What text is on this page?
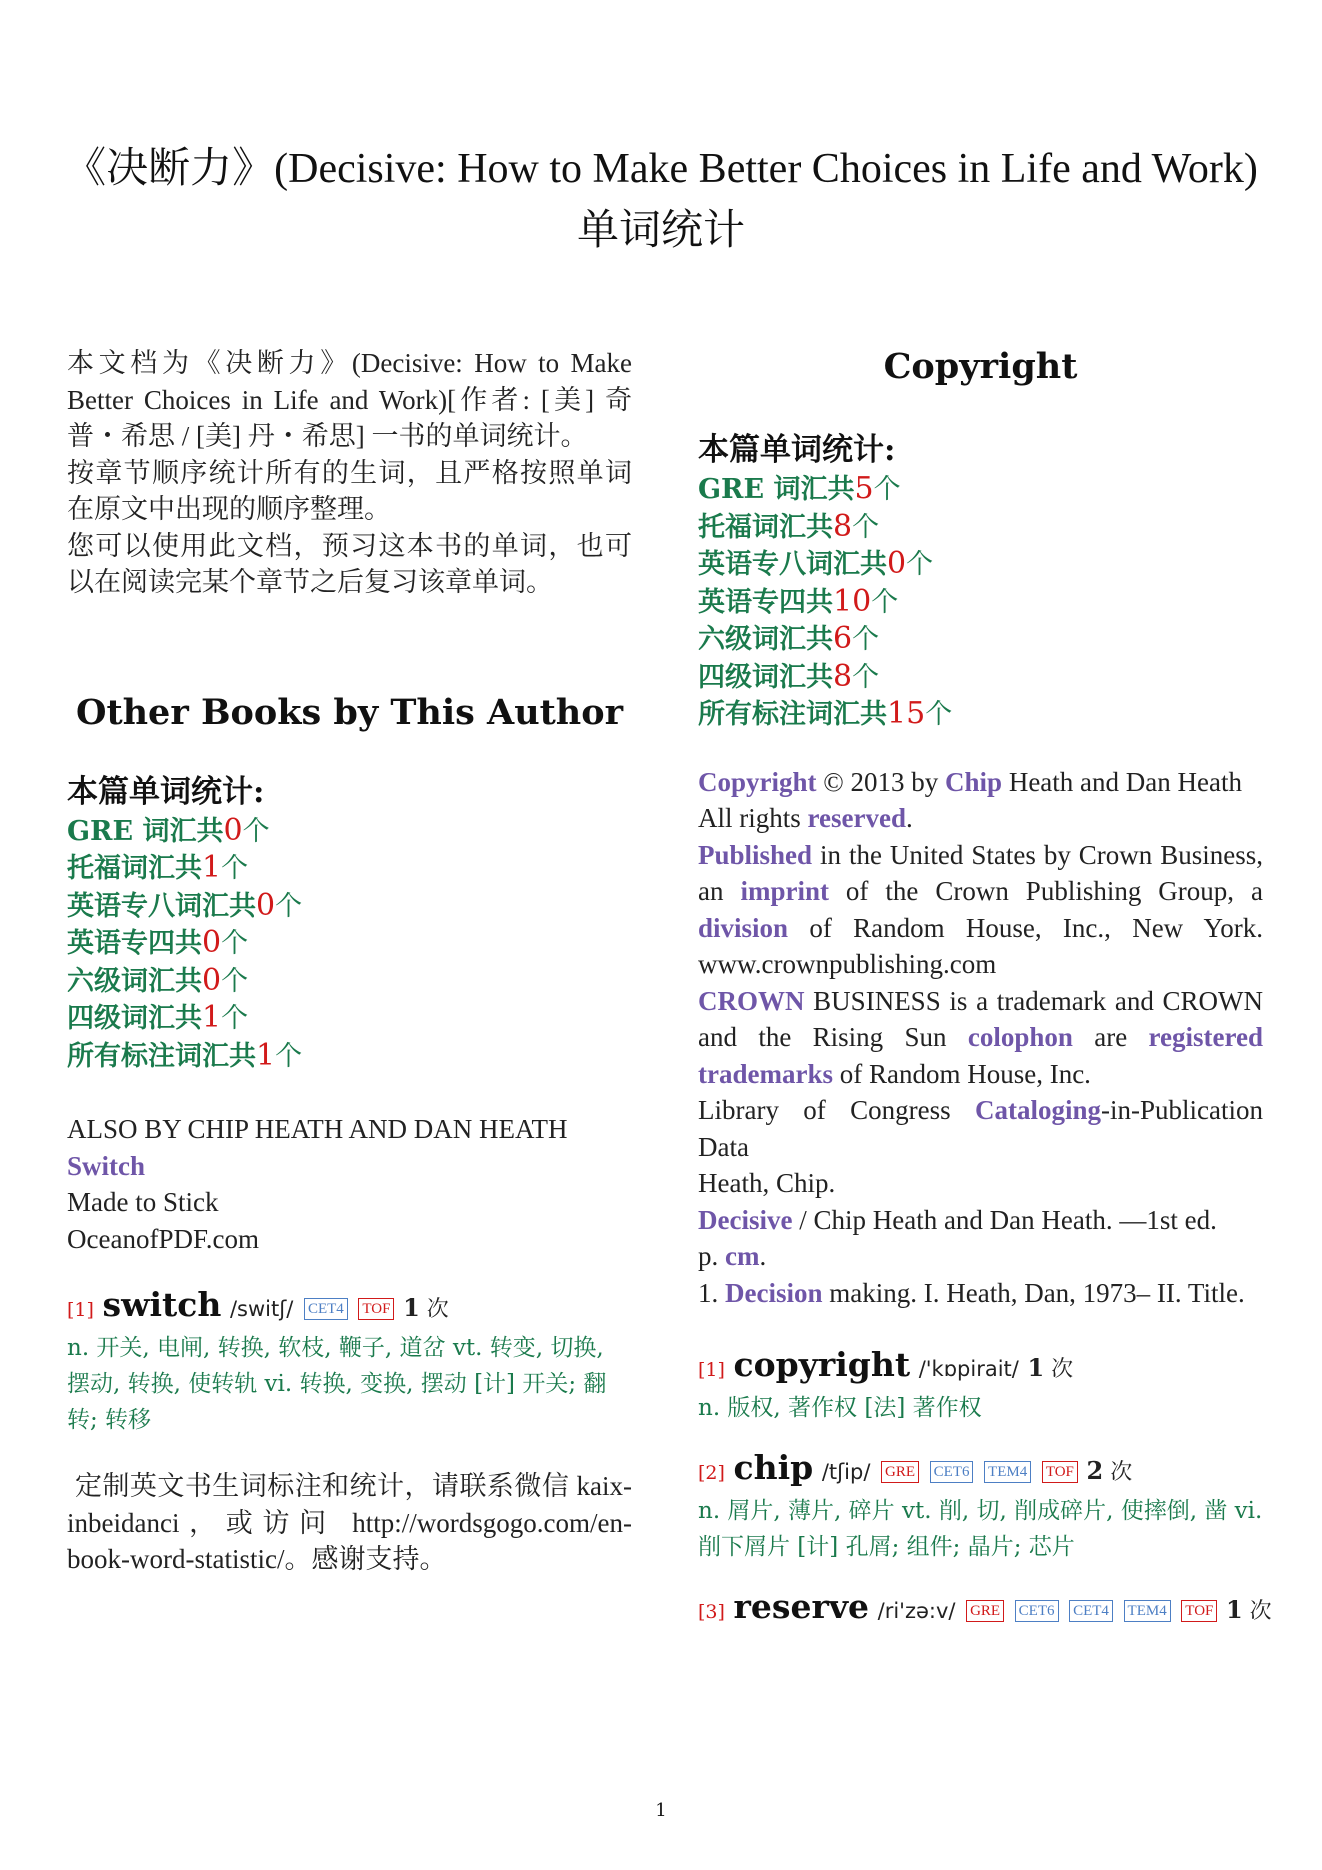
《决断力》(Decisive: How to Make Better Choices in Life and Work)
单词统计

本文档为《决断力》(Decisive: How to Make Better Choices in Life and Work)[作者: [美] 奇普・希思 / [美] 丹・希思] 一书的单词统计。

按章节顺序统计所有的生词，且严格按照单词在原文中出现的顺序整理。

您可以使用此文档，预习这本书的单词，也可以在阅读完某个章节之后复习该章单词。

Other Books by This Author

本篇单词统计:

GRE 词汇共0个
托福词汇共1个
英语专八词汇共0个
英语专四共0个
六级词汇共0个
四级词汇共1个
所有标注词汇共1个

ALSO BY CHIP HEATH AND DAN HEATH

Switch

Made to Stick

OceanofPDF.com

[1] switch /switʃ/ CET4 TOF 1 次

n. 开关, 电闸, 转换, 软枝, 鞭子, 道岔 vt. 转变, 切换, 摆动, 转换, 使转轨 vi. 转换, 变换, 摆动 [计] 开关; 翻转; 转移

定制英文书生词标注和统计，请联系微信 kaix-inbeidanci，或访问 http://wordsgogo.com/en-book-word-statistic/。感谢支持。

Copyright

本篇单词统计:

GRE 词汇共5个
托福词汇共8个
英语专八词汇共0个
英语专四共10个
六级词汇共6个
四级词汇共8个
所有标注词汇共15个

Copyright © 2013 by Chip Heath and Dan Heath

All rights reserved.

Published in the United States by Crown Business, an imprint of the Crown Publishing Group, a division of Random House, Inc., New York. www.crownpublishing.com

CROWN BUSINESS is a trademark and CROWN and the Rising Sun colophon are registered trademarks of Random House, Inc.

Library of Congress Cataloging-in-Publication Data

Heath, Chip.

Decisive / Chip Heath and Dan Heath. —1st ed.

p. cm.

1. Decision making. I. Heath, Dan, 1973– II. Title.

[1] copyright /'kɒpirait/ 1 次

n. 版权, 著作权 [法] 著作权

[2] chip /tʃip/ GRE CET6 TEM4 TOF 2 次

n. 屑片, 薄片, 碎片 vt. 削, 切, 削成碎片, 使摔倒, 凿 vi. 削下屑片 [计] 孔屑; 组件; 晶片; 芯片

[3] reserve /ri'zə:v/ GRE CET6 CET4 TEM4 TOF 1 次
1
